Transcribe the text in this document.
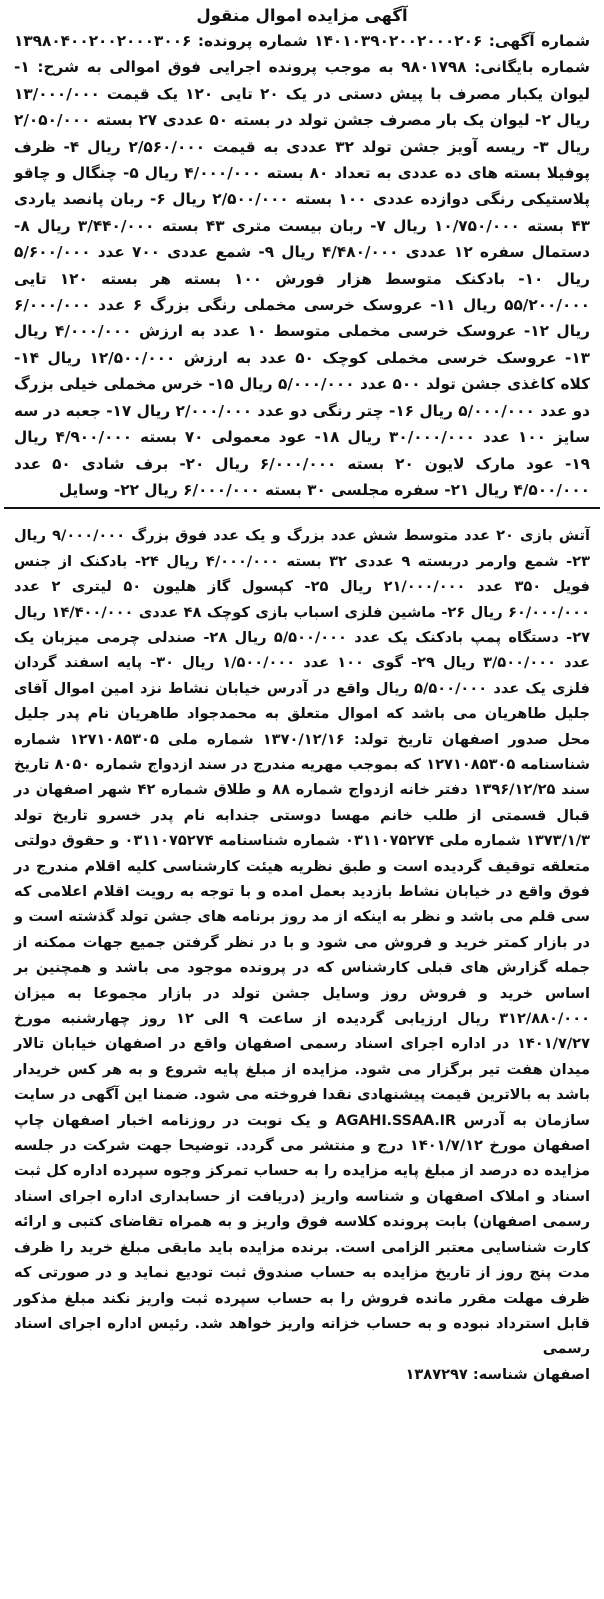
آگهی مزایده اموال منقول
شماره آگهی: ۱۴۰۱۰۳۹۰۲۰۰۲۰۰۰۲۰۶ شماره پرونده: ۱۳۹۸۰۴۰۰۲۰۰۲۰۰۰۳۰۰۶ شماره بایگانی: ۹۸۰۱۷۹۸ به موجب پرونده اجرایی فوق اموالی به شرح: ۱- لیوان یکبار مصرف با پیش دستی در یک ۲۰ تایی ۱۲۰ یک قیمت ۱۳/۰۰۰/۰۰۰ ریال ۲- لیوان یک بار مصرف جشن تولد در بسته ۵۰ عددی ۲۷ بسته ۲/۰۵۰/۰۰۰ ریال ۳- ریسه آویز جشن تولد ۳۲ عددی به قیمت ۲/۵۶۰/۰۰۰ ریال ۴- ظرف پوفیلا بسته های ده عددی به تعداد ۸۰ بسته ۴/۰۰۰/۰۰۰ ریال ۵- چنگال و چاقو پلاستیکی رنگی دوازده عددی ۱۰۰ بسته ۲/۵۰۰/۰۰۰ ریال ۶- ربان پانصد یاردی ۴۳ بسته ۱۰/۷۵۰/۰۰۰ ریال ۷- ربان بیست متری ۴۳ بسته ۳/۴۴۰/۰۰۰ ریال ۸- دستمال سفره ۱۲ عددی ۴/۴۸۰/۰۰۰ ریال ۹- شمع عددی ۷۰۰ عدد ۵/۶۰۰/۰۰۰ ریال ۱۰- بادکنک متوسط هزار فورش ۱۰۰ بسته هر بسته ۱۲۰ تایی ۵۵/۲۰۰/۰۰۰ ریال ۱۱- عروسک خرسی مخملی رنگی بزرگ ۶ عدد ۶/۰۰۰/۰۰۰ ریال ۱۲- عروسک خرسی مخملی متوسط ۱۰ عدد به ارزش ۴/۰۰۰/۰۰۰ ریال ۱۳- عروسک خرسی مخملی کوچک ۵۰ عدد به ارزش ۱۲/۵۰۰/۰۰۰ ریال ۱۴- کلاه کاغذی جشن تولد ۵۰۰ عدد ۵/۰۰۰/۰۰۰ ریال ۱۵- خرس مخملی خیلی بزرگ دو عدد ۵/۰۰۰/۰۰۰ ریال ۱۶- چتر رنگی دو عدد ۲/۰۰۰/۰۰۰ ریال ۱۷- جعبه در سه سایز ۱۰۰ عدد ۳۰/۰۰۰/۰۰۰ ریال ۱۸- عود معمولی ۷۰ بسته ۴/۹۰۰/۰۰۰ ریال ۱۹- عود مارک لایون ۲۰ بسته ۶/۰۰۰/۰۰۰ ریال ۲۰- برف شادی ۵۰ عدد ۴/۵۰۰/۰۰۰ ریال ۲۱- سفره مجلسی ۳۰ بسته ۶/۰۰۰/۰۰۰ ریال ۲۲- وسایل
آتش بازی ۲۰ عدد متوسط شش عدد بزرگ و یک عدد فوق بزرگ ۹/۰۰۰/۰۰۰ ریال ۲۳- شمع وارمر دربسته ۹ عددی ۳۲ بسته ۴/۰۰۰/۰۰۰ ریال ۲۴- بادکنک از جنس فویل ۳۵۰ عدد ۲۱/۰۰۰/۰۰۰ ریال ۲۵- کپسول گاز هلیون ۵۰ لیتری ۲ عدد ۶۰/۰۰۰/۰۰۰ ریال ۲۶- ماشین فلزی اسباب بازی کوچک ۴۸ عددی ۱۴/۴۰۰/۰۰۰ ریال ۲۷- دستگاه پمپ بادکنک یک عدد ۵/۵۰۰/۰۰۰ ریال ۲۸- صندلی چرمی میزبان یک عدد ۳/۵۰۰/۰۰۰ ریال ۲۹- گوی ۱۰۰ عدد ۱/۵۰۰/۰۰۰ ریال ۳۰- پایه اسفند گردان فلزی یک عدد ۵/۵۰۰/۰۰۰ ریال واقع در آدرس خیابان نشاط نزد امین اموال آقای جلیل طاهریان می باشد که اموال متعلق به محمدجواد طاهریان نام پدر جلیل محل صدور اصفهان تاریخ تولد: ۱۳۷۰/۱۲/۱۶ شماره ملی ۱۲۷۱۰۸۵۳۰۵ شماره شناسنامه ۱۲۷۱۰۸۵۳۰۵ که بموجب مهریه مندرج در سند ازدواج شماره ۸۰۵۰ تاریخ سند ۱۳۹۶/۱۲/۲۵ دفتر خانه ازدواج شماره ۸۸ و طلاق شماره ۴۲ شهر اصفهان در قبال قسمتی از طلب خانم مهسا دوستی جندابه نام پدر خسرو تاریخ تولد ۱۳۷۳/۱/۳ شماره ملی ۰۳۱۱۰۷۵۲۷۴ شماره شناسنامه ۰۳۱۱۰۷۵۲۷۴ و حقوق دولتی متعلقه توقیف گردیده است و طبق نظریه هیئت کارشناسی کلیه اقلام مندرج در فوق واقع در خیابان نشاط بازدید بعمل امده و با توجه به رویت اقلام اعلامی که سی قلم می باشد و نظر به اینکه از مد روز برنامه های جشن تولد گذشته است و در بازار کمتر خرید و فروش می شود و با در نظر گرفتن جمیع جهات ممکنه از جمله گزارش های قبلی کارشناس که در پرونده موجود می باشد و همچنین بر اساس خرید و فروش روز وسایل جشن تولد در بازار مجموعا به میزان ۳۱۲/۸۸۰/۰۰۰ ریال ارزیابی گردیده از ساعت ۹ الی ۱۲ روز چهارشنبه مورخ ۱۴۰۱/۷/۲۷ در اداره اجرای اسناد رسمی اصفهان واقع در اصفهان خیابان تالار میدان هفت تیر برگزار می شود. مزایده از مبلغ پایه شروع و به هر کس خریدار باشد به بالاترین قیمت پیشنهادی نقدا فروخته می شود. ضمنا این آگهی در سایت سازمان به آدرس AGAHI.SSAA.IR و یک نوبت در روزنامه اخبار اصفهان چاپ اصفهان مورخ ۱۴۰۱/۷/۱۲ درج و منتشر می گردد. توضیحا جهت شرکت در جلسه مزایده ده درصد از مبلغ پایه مزایده را به حساب تمرکز وجوه سپرده اداره کل ثبت اسناد و املاک اصفهان و شناسه واریز (دریافت از حسابداری اداره اجرای اسناد رسمی اصفهان) بابت پرونده کلاسه فوق واریز و به همراه تقاضای کتبی و ارائه کارت شناسایی معتبر الزامی است. برنده مزایده باید مابقی مبلغ خرید را ظرف مدت پنج روز از تاریخ مزایده به حساب صندوق ثبت تودیع نماید و در صورتی که ظرف مهلت مقرر مانده فروش را به حساب سپرده ثبت واریز نکند مبلغ مذکور قابل استرداد نبوده و به حساب خزانه واریز خواهد شد. رئیس اداره اجرای اسناد رسمی
اصفهان شناسه: ۱۳۸۷۲۹۷
